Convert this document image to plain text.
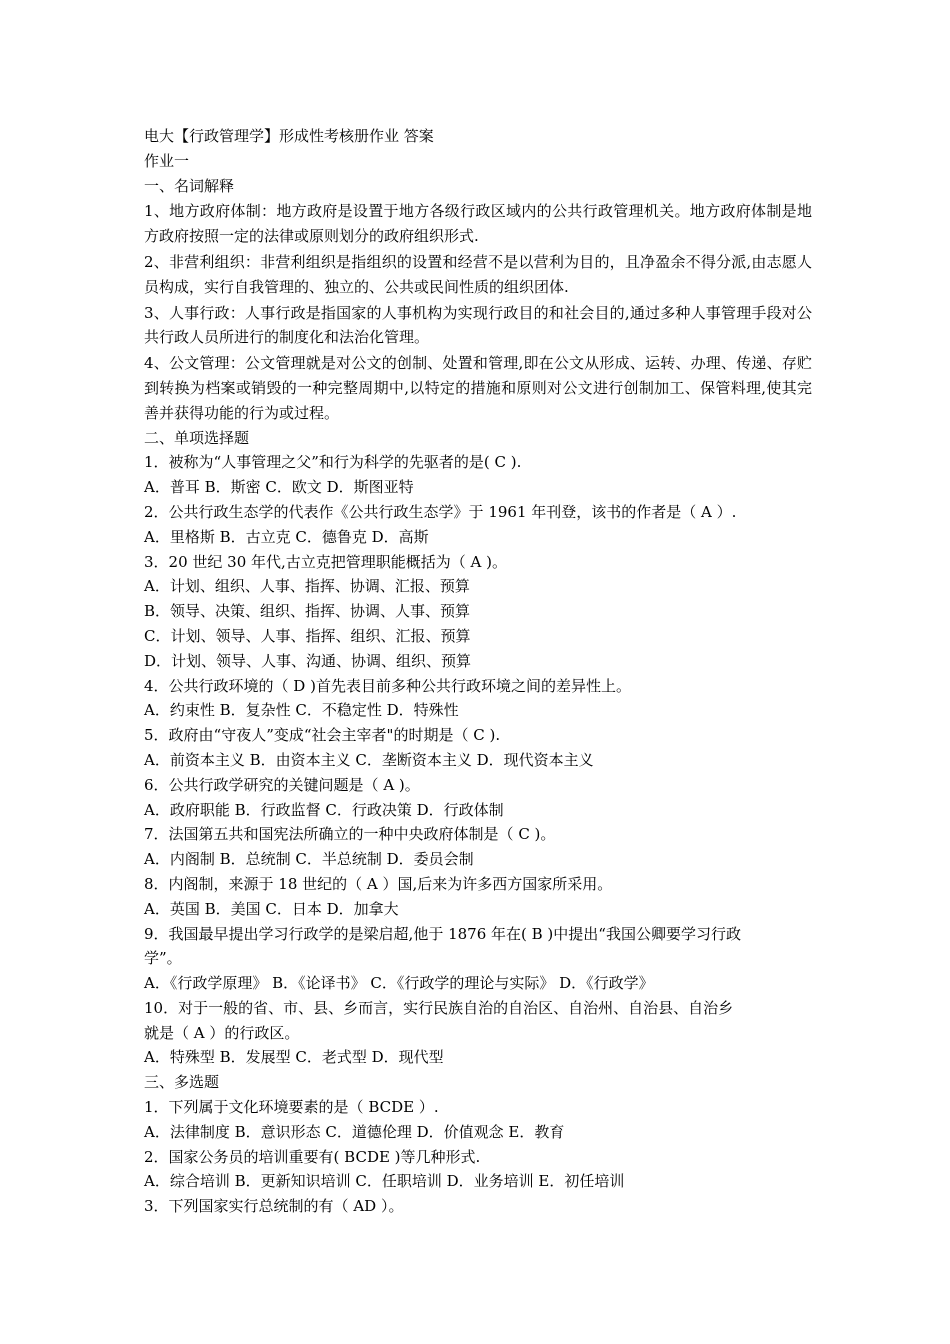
电大【行政管理学】形成性考核册作业 答案
作业一
一、名词解释
1、地方政府体制：地方政府是设置于地方各级行政区域内的公共行政管理机关。地方政府体制是地方政府按照一定的法律或原则划分的政府组织形式.
2、非营利组织：非营利组织是指组织的设置和经营不是以营利为目的，且净盈余不得分派,由志愿人员构成，实行自我管理的、独立的、公共或民间性质的组织团体.
3、人事行政：人事行政是指国家的人事机构为实现行政目的和社会目的,通过多种人事管理手段对公共行政人员所进行的制度化和法治化管理。
4、公文管理：公文管理就是对公文的创制、处置和管理,即在公文从形成、运转、办理、传递、存贮到转换为档案或销毁的一种完整周期中,以特定的措施和原则对公文进行创制加工、保管料理,使其完善并获得功能的行为或过程。
二、单项选择题
1．被称为“人事管理之父”和行为科学的先驱者的是( C ).
A．普耳 B．斯密 C．欧文 D．斯图亚特
2．公共行政生态学的代表作《公共行政生态学》于 1961 年刊登，该书的作者是（ A ）.
A．里格斯 B．古立克 C．德鲁克 D．高斯
3．20 世纪 30 年代,古立克把管理职能概括为（ A )。
A．计划、组织、人事、指挥、协调、汇报、预算
B．领导、决策、组织、指挥、协调、人事、预算
C．计划、领导、人事、指挥、组织、汇报、预算
D．计划、领导、人事、沟通、协调、组织、预算
4．公共行政环境的（ D )首先表目前多种公共行政环境之间的差异性上。
A．约束性 B．复杂性 C．不稳定性 D．特殊性
5．政府由“守夜人”变成“社会主宰者"的时期是（ C ).
A．前资本主义 B．由资本主义 C．垄断资本主义 D．现代资本主义
6．公共行政学研究的关键问题是（ A )。
A．政府职能 B．行政监督 C．行政决策 D．行政体制
7．法国第五共和国宪法所确立的一种中央政府体制是（ C )。
A．内阁制 B．总统制 C．半总统制 D．委员会制
8．内阁制，来源于 18 世纪的（ A ）国,后来为许多西方国家所采用。
A．英国 B．美国 C．日本 D．加拿大
9．我国最早提出学习行政学的是梁启超,他于 1876 年在( B )中提出“我国公卿要学习行政
学”。
A．《行政学原理》 B．《论译书》 C．《行政学的理论与实际》 D．《行政学》
10．对于一般的省、市、县、乡而言，实行民族自治的自治区、自治州、自治县、自治乡
就是（ A ）的行政区。
A．特殊型 B．发展型 C．老式型 D．现代型
三、多选题
1．下列属于文化环境要素的是（ BCDE ）.
A．法律制度 B．意识形态 C．道德伦理 D．价值观念 E．教育
2．国家公务员的培训重要有( BCDE )等几种形式.
A．综合培训 B．更新知识培训 C．任职培训 D．业务培训 E．初任培训
3．下列国家实行总统制的有（ AD ）。
